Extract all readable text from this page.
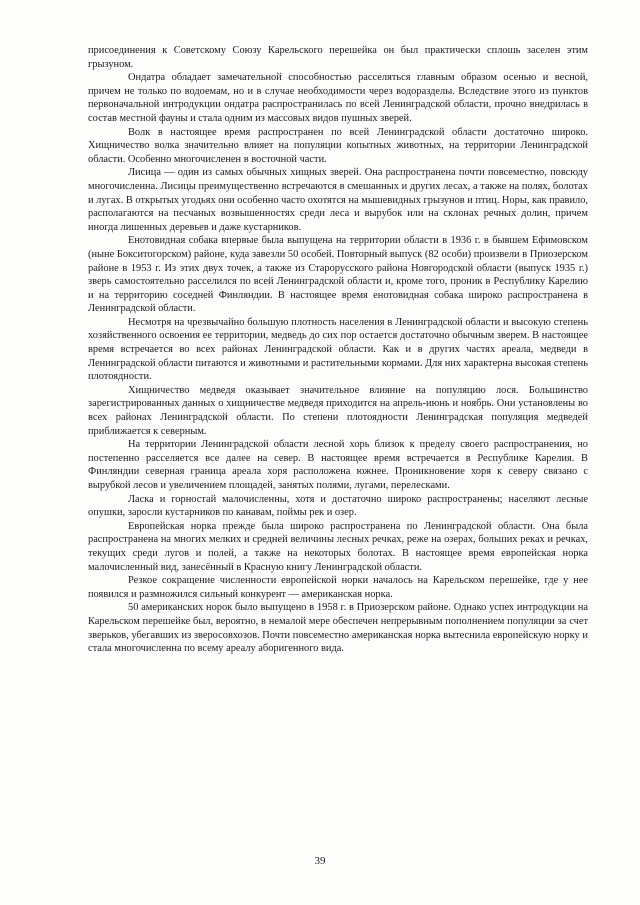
присоединения к Советскому Союзу Карельского перешейка он был практически сплошь заселен этим грызуном.

Ондатра обладает замечательной способностью расселяться главным образом осенью и весной, причем не только по водоемам, но и в случае необходимости через водоразделы. Вследствие этого из пунктов первоначальной интродукции ондатра распространилась по всей Ленинградской области, прочно внедрилась в состав местной фауны и стала одним из массовых видов пушных зверей.

Волк в настоящее время распространен по всей Ленинградской области достаточно широко. Хищничество волка значительно влияет на популяции копытных животных, на территории Ленинградской области. Особенно многочисленен в восточной части.

Лисица — один из самых обычных хищных зверей. Она распространена почти повсеместно, повсюду многочисленна. Лисицы преимущественно встречаются в смешанных и других лесах, а также на полях, болотах и лугах. В открытых угодьях они особенно часто охотятся на мышевидных грызунов и птиц. Норы, как правило, располагаются на песчаных возвышенностях среди леса и вырубок или на склонах речных долин, причем иногда лишенных деревьев и даже кустарников.

Енотовидная собака впервые была выпущена на территории области в 1936 г. в бывшем Ефимовском (ныне Бокситогорском) районе, куда завезли 50 особей. Повторный выпуск (82 особи) произвели в Приозерском районе в 1953 г. Из этих двух точек, а также из Старорусского района Новгородской области (выпуск 1935 г.) зверь самостоятельно расселился по всей Ленинградской области и, кроме того, проник в Республику Карелию и на территорию соседней Финляндии. В настоящее время енотовидная собака широко распространена в Ленинградской области.

Несмотря на чрезвычайно большую плотность населения в Ленинградской области и высокую степень хозяйственного освоения ее территории, медведь до сих пор остается достаточно обычным зверем. В настоящее время встречается во всех районах Ленинградской области. Как и в других частях ареала, медведи в Ленинградской области питаются и животными и растительными кормами. Для них характерна высокая степень плотоядности.

Хищничество медведя оказывает значительное влияние на популяцию лося. Большинство зарегистрированных данных о хищничестве медведя приходится на апрель-июнь и ноябрь. Они установлены во всех районах Ленинградской области. По степени плотоядности Ленинградская популяция медведей приближается к северным.

На территории Ленинградской области лесной хорь близок к пределу своего распространения, но постепенно расселяется все далее на север. В настоящее время встречается в Республике Карелия. В Финляндии северная граница ареала хоря расположена южнее. Проникновение хоря к северу связано с вырубкой лесов и увеличением площадей, занятых полями, лугами, перелесками.

Ласка и горностай малочисленны, хотя и достаточно широко распространены; населяют лесные опушки, заросли кустарников по канавам, поймы рек и озер.

Европейская норка прежде была широко распространена по Ленинградской области. Она была распространена на многих мелких и средней величины лесных речках, реже на озерах, больших реках и речках, текущих среди лугов и полей, а также на некоторых болотах. В настоящее время европейская норка малочисленный вид, занесённый в Красную книгу Ленинградской области.

Резкое сокращение численности европейской норки началось на Карельском перешейке, где у нее появился и размножился сильный конкурент — американская норка.

50 американских норок было выпущено в 1958 г. в Приозерском районе. Однако успех интродукции на Карельском перешейке был, вероятно, в немалой мере обеспечен непрерывным пополнением популяции за счет зверьков, убегавших из зверосовхозов. Почти повсеместно американская норка вытеснила европейскую норку и стала многочисленна по всему ареалу аборигенного вида.

39
